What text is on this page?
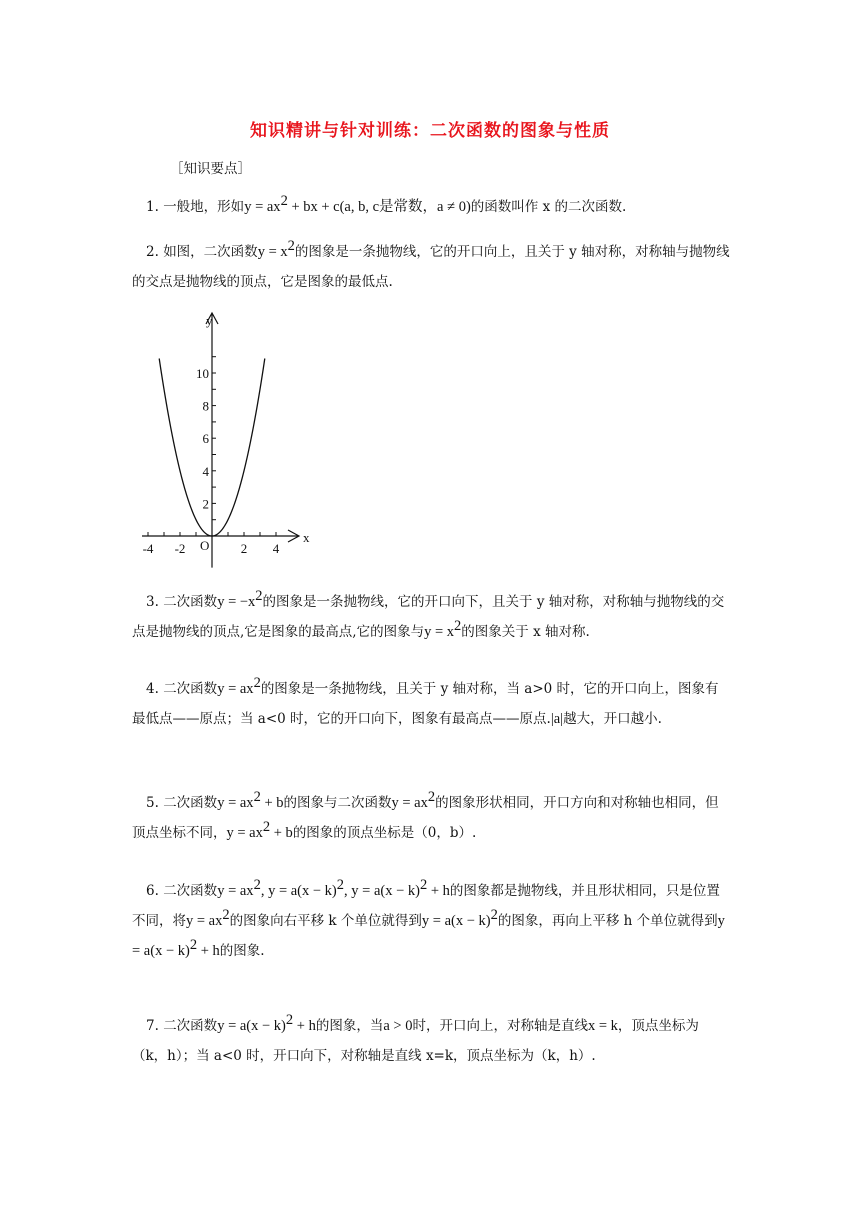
知识精讲与针对训练：二次函数的图象与性质
［知识要点］
1. 一般地，形如$y = ax^2$ + bx + c(a, b, c是常数，a ≠ 0)的函数叫作 x 的二次函数.
2. 如图，二次函数$y = x^2$的图象是一条抛物线，它的开口向上，且关于 y 轴对称，对称轴与抛物线的交点是抛物线的顶点，它是图象的最低点.
-4 -2	2 4
2
4
6
8
10
y
x
O
3. 二次函数$y = -x^2$的图象是一条抛物线，它的开口向下，且关于 y 轴对称，对称轴与抛物线的交点是抛物线的顶点,它是图象的最高点,它的图象与$y = x^2$的图象关于 x 轴对称.
4. 二次函数$y = ax^2$的图象是一条抛物线，且关于 y 轴对称，当 a>0 时，它的开口向上，图象有最低点——原点；当 a<0 时，它的开口向下，图象有最高点——原点.|a|越大，开口越小.
5. 二次函数$y = ax^2 + b$的图象与二次函数$y = ax^2$的图象形状相同，开口方向和对称轴也相同，但顶点坐标不同，$y = ax^2 + b$的图象的顶点坐标是（0，b）.
6. 二次函数$y = ax^2$, $y = a(x - k)^2$, $y = a(x - k)^2 + h$的图象都是抛物线，并且形状相同，只是位置不同，将$y = ax^2$的图象向右平移 k 个单位就得到$y = a(x - k)^2$的图象，再向上平移 h 个单位就得到$y = a(x - k)^2 + h$的图象.
7. 二次函数$y = a(x - k)^2 + h$的图象，当a > 0时，开口向上，对称轴是直线x = k，顶点坐标为（k，h）；当 a<0 时，开口向下，对称轴是直线 x=k，顶点坐标为（k，h）.
